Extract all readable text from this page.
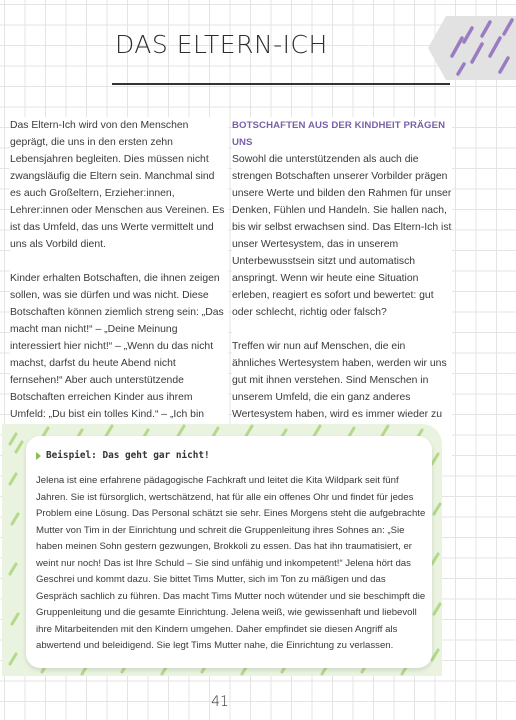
DAS ELTERN-ICH

Das Eltern-Ich wird von den Menschen geprägt, die uns in den ersten zehn Lebensjahren begleiten. Dies müssen nicht zwangsläufig die Eltern sein. Manchmal sind es auch Großeltern, Erzieher:innen, Lehrer:innen oder Menschen aus Vereinen. Es ist das Umfeld, das uns Werte vermittelt und uns als Vorbild dient.

Kinder erhalten Botschaften, die ihnen zeigen sollen, was sie dürfen und was nicht. Diese Botschaften können ziemlich streng sein: „Das macht man nicht!“ – „Deine Meinung interessiert hier nicht!“ – „Wenn du das nicht machst, darfst du heute Abend nicht fernsehen!“ Aber auch unterstützende Botschaften erreichen Kinder aus ihrem Umfeld: „Du bist ein tolles Kind.“ – „Ich bin

BOTSCHAFTEN AUS DER KINDHEIT PRÄGEN UNS

Sowohl die unterstützenden als auch die strengen Botschaften unserer Vorbilder prägen unsere Werte und bilden den Rahmen für unser Denken, Fühlen und Handeln. Sie hallen nach, bis wir selbst erwachsen sind. Das Eltern-Ich ist unser Wertesystem, das in unserem Unterbewusstsein sitzt und automatisch anspringt. Wenn wir heute eine Situation erleben, reagiert es sofort und bewertet: gut oder schlecht, richtig oder falsch?

Treffen wir nun auf Menschen, die ein ähnliches Wertesystem haben, werden wir uns gut mit ihnen verstehen. Sind Menschen in unserem Umfeld, die ein ganz anderes Wertesystem haben, wird es immer wieder zu

Beispiel: Das geht gar nicht!

Jelena ist eine erfahrene pädagogische Fachkraft und leitet die Kita Wildpark seit fünf Jahren. Sie ist fürsorglich, wertschätzend, hat für alle ein offenes Ohr und findet für jedes Problem eine Lösung. Das Personal schätzt sie sehr. Eines Morgens steht die aufgebrachte Mutter von Tim in der Einrichtung und schreit die Gruppenleitung ihres Sohnes an: „Sie haben meinen Sohn gestern gezwungen, Brokkoli zu essen. Das hat ihn traumatisiert, er weint nur noch! Das ist Ihre Schuld – Sie sind unfähig und inkompetent!“ Jelena hört das Geschrei und kommt dazu. Sie bittet Tims Mutter, sich im Ton zu mäßigen und das Gespräch sachlich zu führen. Das macht Tims Mutter noch wütender und sie beschimpft die Gruppenleitung und die gesamte Einrichtung. Jelena weiß, wie gewissenhaft und liebevoll ihre Mitarbeitenden mit den Kindern umgehen. Daher empfindet sie diesen Angriff als abwertend und beleidigend. Sie legt Tims Mutter nahe, die Einrichtung zu verlassen.

41
